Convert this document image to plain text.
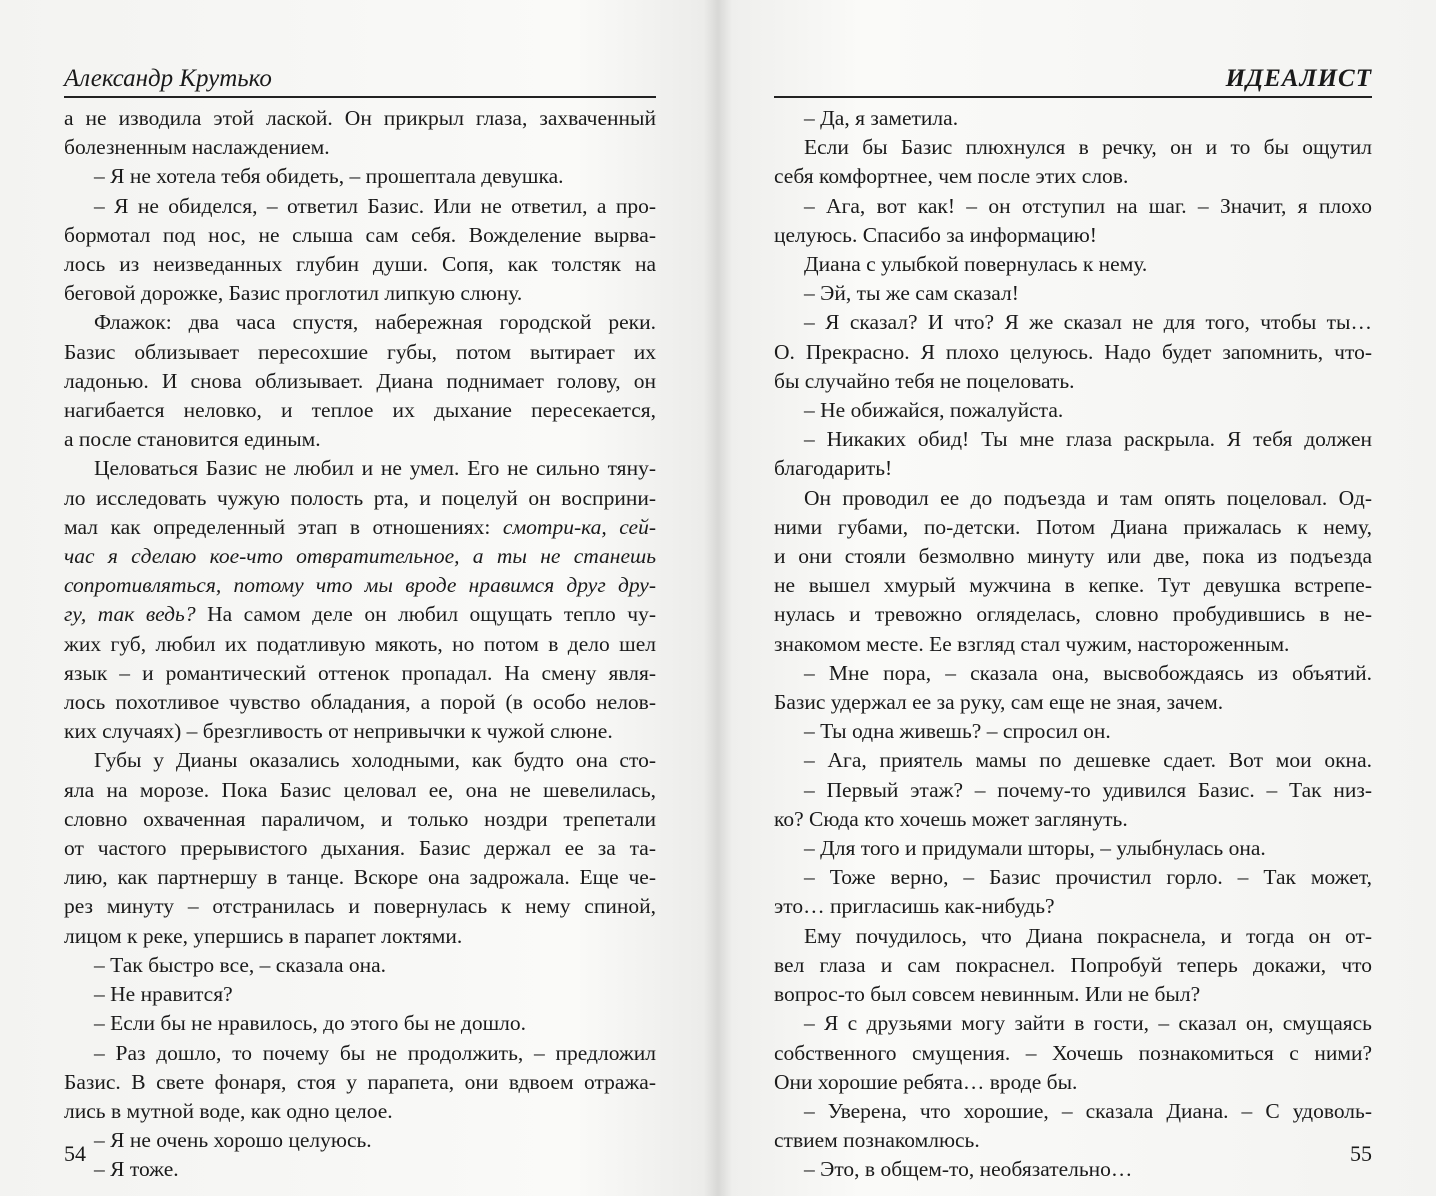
Александр Крутько
а не изводила этой лаской. Он прикрыл глаза, захваченный
болезненным наслаждением.
– Я не хотела тебя обидеть, – прошептала девушка.
– Я не обиделся, – ответил Базис. Или не ответил, а про-
бормотал под нос, не слыша сам себя. Вожделение вырва-
лось из неизведанных глубин души. Сопя, как толстяк на
беговой дорожке, Базис проглотил липкую слюну.
Флажок: два часа спустя, набережная городской реки.
Базис облизывает пересохшие губы, потом вытирает их
ладонью. И снова облизывает. Диана поднимает голову, он
нагибается неловко, и теплое их дыхание пересекается,
а после становится единым.
Целоваться Базис не любил и не умел. Его не сильно тяну-
ло исследовать чужую полость рта, и поцелуй он восприни-
мал как определенный этап в отношениях: смотри-ка, сей-
час я сделаю кое-что отвратительное, а ты не станешь
сопротивляться, потому что мы вроде нравимся друг дру-
гу, так ведь? На самом деле он любил ощущать тепло чу-
жих губ, любил их податливую мякоть, но потом в дело шел
язык – и романтический оттенок пропадал. На смену явля-
лось похотливое чувство обладания, а порой (в особо нелов-
ких случаях) – брезгливость от непривычки к чужой слюне.
Губы у Дианы оказались холодными, как будто она сто-
яла на морозе. Пока Базис целовал ее, она не шевелилась,
словно охваченная параличом, и только ноздри трепетали
от частого прерывистого дыхания. Базис держал ее за та-
лию, как партнершу в танце. Вскоре она задрожала. Еще че-
рез минуту – отстранилась и повернулась к нему спиной,
лицом к реке, упершись в парапет локтями.
– Так быстро все, – сказала она.
– Не нравится?
– Если бы не нравилось, до этого бы не дошло.
– Раз дошло, то почему бы не продолжить, – предложил
Базис. В свете фонаря, стоя у парапета, они вдвоем отража-
лись в мутной воде, как одно целое.
– Я не очень хорошо целуюсь.
– Я тоже.
54
ИДЕАЛИСТ
– Да, я заметила.
Если бы Базис плюхнулся в речку, он и то бы ощутил
себя комфортнее, чем после этих слов.
– Ага, вот как! – он отступил на шаг. – Значит, я плохо
целуюсь. Спасибо за информацию!
Диана с улыбкой повернулась к нему.
– Эй, ты же сам сказал!
– Я сказал? И что? Я же сказал не для того, чтобы ты…
О. Прекрасно. Я плохо целуюсь. Надо будет запомнить, что-
бы случайно тебя не поцеловать.
– Не обижайся, пожалуйста.
– Никаких обид! Ты мне глаза раскрыла. Я тебя должен
благодарить!
Он проводил ее до подъезда и там опять поцеловал. Од-
ними губами, по-детски. Потом Диана прижалась к нему,
и они стояли безмолвно минуту или две, пока из подъезда
не вышел хмурый мужчина в кепке. Тут девушка встрепе-
нулась и тревожно огляделась, словно пробудившись в не-
знакомом месте. Ее взгляд стал чужим, настороженным.
– Мне пора, – сказала она, высвобождаясь из объятий.
Базис удержал ее за руку, сам еще не зная, зачем.
– Ты одна живешь? – спросил он.
– Ага, приятель мамы по дешевке сдает. Вот мои окна.
– Первый этаж? – почему-то удивился Базис. – Так низ-
ко? Сюда кто хочешь может заглянуть.
– Для того и придумали шторы, – улыбнулась она.
– Тоже верно, – Базис прочистил горло. – Так может,
это… пригласишь как-нибудь?
Ему почудилось, что Диана покраснела, и тогда он от-
вел глаза и сам покраснел. Попробуй теперь докажи, что
вопрос-то был совсем невинным. Или не был?
– Я с друзьями могу зайти в гости, – сказал он, смущаясь
собственного смущения. – Хочешь познакомиться с ними?
Они хорошие ребята… вроде бы.
– Уверена, что хорошие, – сказала Диана. – С удоволь-
ствием познакомлюсь.
– Это, в общем-то, необязательно…
55
